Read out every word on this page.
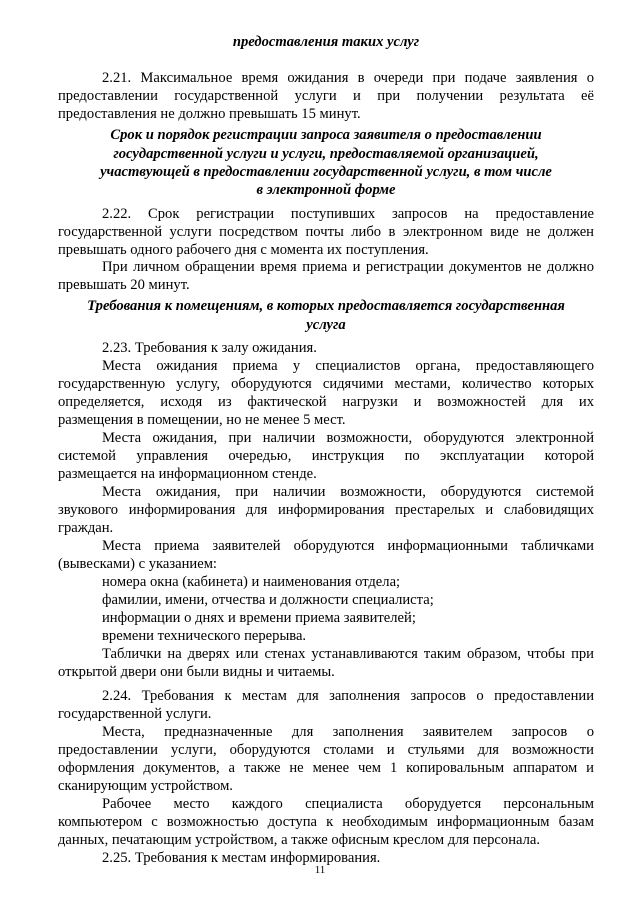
предоставления таких услуг
2.21. Максимальное время ожидания в очереди при подаче заявления о
предоставлении государственной услуги и при получении результата её
предоставления не должно превышать 15 минут.
Срок и порядок регистрации запроса заявителя о предоставлении
государственной услуги и услуги, предоставляемой организацией,
участвующей в предоставлении государственной услуги, в том числе
в электронной форме
2.22. Срок регистрации поступивших запросов на предоставление
государственной услуги посредством почты либо в электронном виде не должен
превышать одного рабочего дня с момента их поступления.
При личном обращении время приема и регистрации документов не должно
превышать 20 минут.
Требования к помещениям, в которых предоставляется государственная
услуга
2.23. Требования к залу ожидания.
Места ожидания приема у специалистов органа, предоставляющего
государственную услугу, оборудуются сидячими местами, количество которых
определяется, исходя из фактической нагрузки и возможностей для их
размещения в помещении, но не менее 5 мест.
Места ожидания, при наличии возможности, оборудуются электронной
системой управления очередью, инструкция по эксплуатации которой
размещается на информационном стенде.
Места ожидания, при наличии возможности, оборудуются системой
звукового информирования для информирования престарелых и слабовидящих
граждан.
Места приема заявителей оборудуются информационными табличками
(вывесками) с указанием:
номера окна (кабинета) и наименования отдела;
фамилии, имени, отчества и должности специалиста;
информации о днях и времени приема заявителей;
времени технического перерыва.
Таблички на дверях или стенах устанавливаются таким образом, чтобы при
открытой двери они были видны и читаемы.
2.24. Требования к местам для заполнения запросов о предоставлении
государственной услуги.
Места, предназначенные для заполнения заявителем запросов о
предоставлении услуги, оборудуются столами и стульями для возможности
оформления документов, а также не менее чем 1 копировальным аппаратом и
сканирующим устройством.
Рабочее место каждого специалиста оборудуется персональным
компьютером с возможностью доступа к необходимым информационным базам
данных, печатающим устройством, а также офисным креслом для персонала.
2.25. Требования к местам информирования.
11
